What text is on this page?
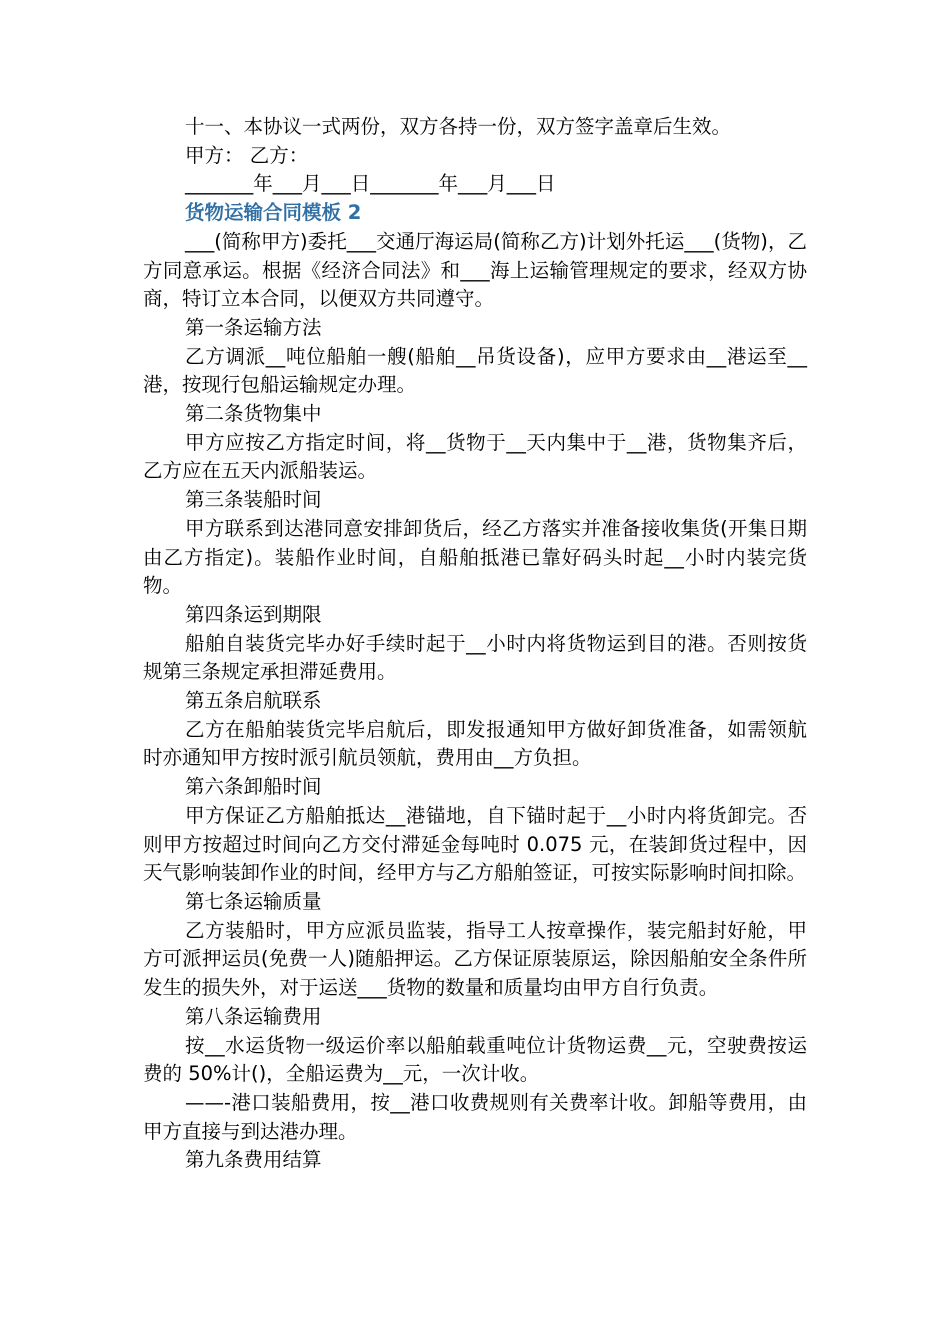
十一、本协议一式两份，双方各持一份，双方签字盖章后生效。

甲方： 乙方：

_______年___月___日_______年___月___日

货物运输合同模板 2

___(简称甲方)委托___交通厅海运局(简称乙方)计划外托运___(货物)，乙方同意承运。根据《经济合同法》和___海上运输管理规定的要求，经双方协商，特订立本合同，以便双方共同遵守。

第一条运输方法

乙方调派__吨位船舶一艘(船舶__吊货设备)，应甲方要求由__港运至__港，按现行包船运输规定办理。

第二条货物集中

甲方应按乙方指定时间，将__货物于__天内集中于__港，货物集齐后，乙方应在五天内派船装运。

第三条装船时间

甲方联系到达港同意安排卸货后，经乙方落实并准备接收集货(开集日期由乙方指定)。装船作业时间，自船舶抵港已靠好码头时起__小时内装完货物。

第四条运到期限

船舶自装货完毕办好手续时起于__小时内将货物运到目的港。否则按货规第三条规定承担滞延费用。

第五条启航联系

乙方在船舶装货完毕启航后，即发报通知甲方做好卸货准备，如需领航时亦通知甲方按时派引航员领航，费用由__方负担。

第六条卸船时间

甲方保证乙方船舶抵达__港锚地，自下锚时起于__小时内将货卸完。否则甲方按超过时间向乙方交付滞延金每吨时 0.075 元，在装卸货过程中，因天气影响装卸作业的时间，经甲方与乙方船舶签证，可按实际影响时间扣除。

第七条运输质量

乙方装船时，甲方应派员监装，指导工人按章操作，装完船封好舱，甲方可派押运员(免费一人)随船押运。乙方保证原装原运，除因船舶安全条件所发生的损失外，对于运送___货物的数量和质量均由甲方自行负责。

第八条运输费用

按__水运货物一级运价率以船舶载重吨位计货物运费__元，空驶费按运费的 50%计()，全船运费为__元，一次计收。

——-港口装船费用，按__港口收费规则有关费率计收。卸船等费用，由甲方直接与到达港办理。

第九条费用结算
